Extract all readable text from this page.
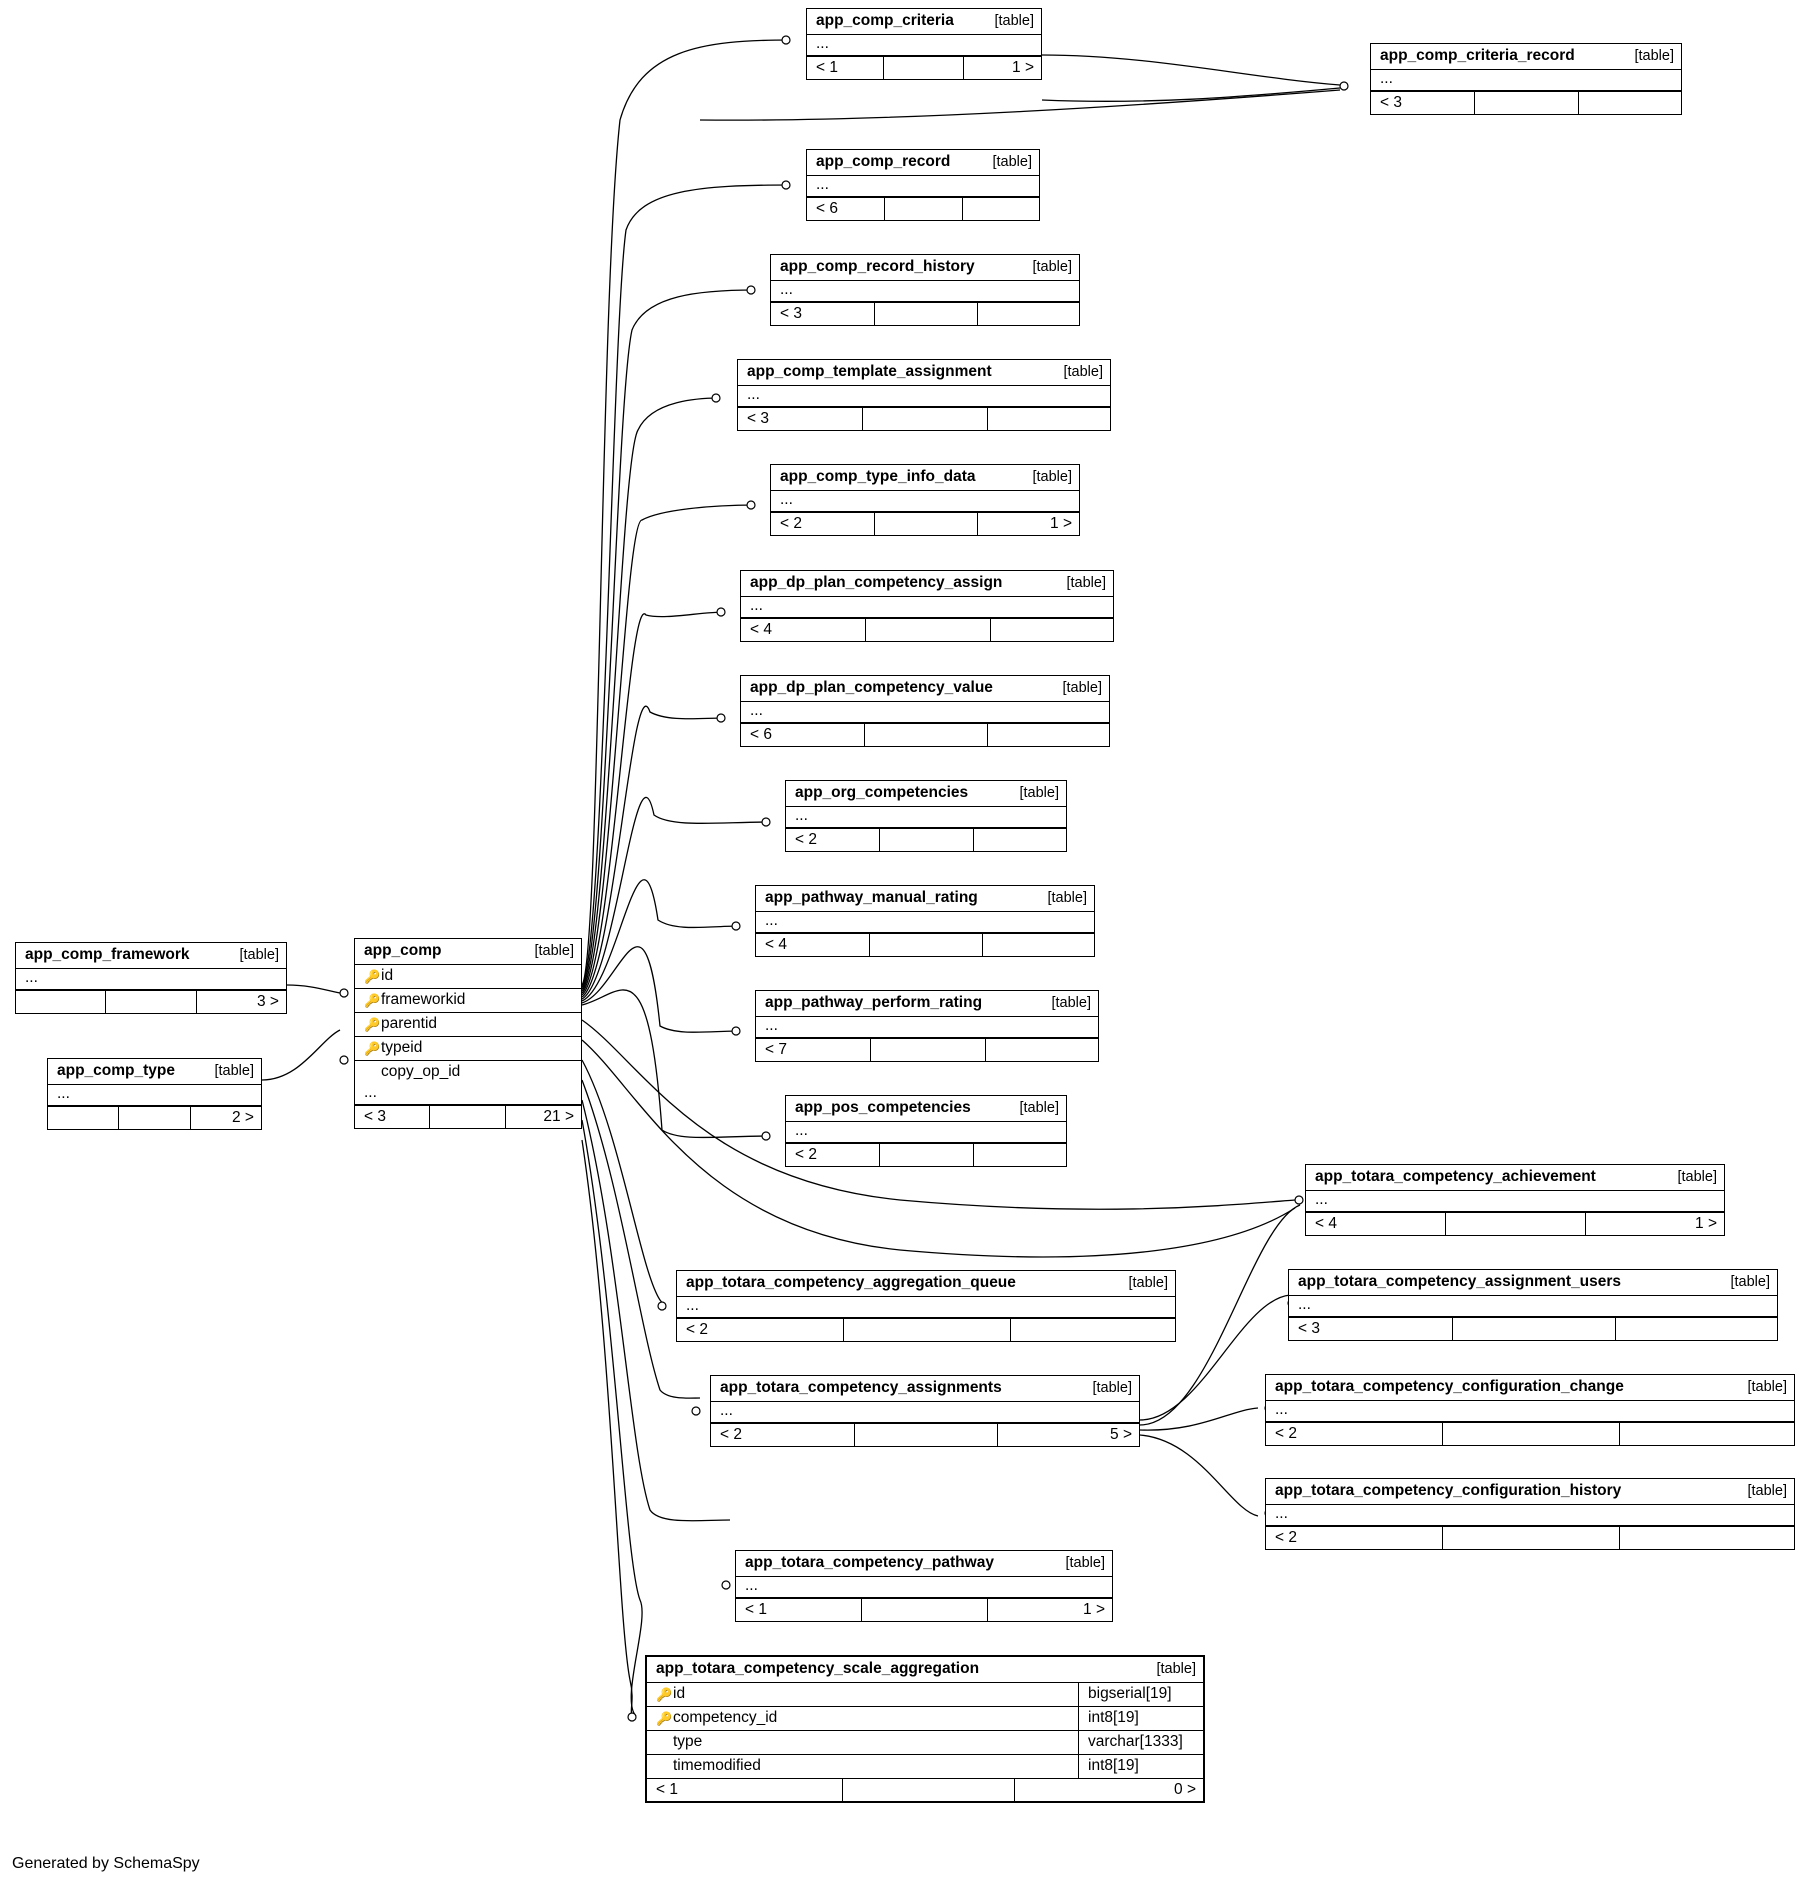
app_comp_framework	[table]
...
3 >
app_comp_type	[table]
...
2 >
app_comp	[table]
🔑 id
🔑 frameworkid
🔑 parentid
🔑 typeid
copy_op_id
...
< 3	21 >
app_comp_criteria	[table]
...
< 1	1 >
app_comp_criteria_record	[table]
...
< 3
app_comp_record	[table]
...
< 6
app_comp_record_history	[table]
...
< 3
app_comp_template_assignment	[table]
...
< 3
app_comp_type_info_data	[table]
...
< 2	1 >
app_dp_plan_competency_assign	[table]
...
< 4
app_dp_plan_competency_value	[table]
...
< 6
app_org_competencies	[table]
...
< 2
app_pathway_manual_rating	[table]
...
< 4
app_pathway_perform_rating	[table]
...
< 7
app_pos_competencies	[table]
...
< 2
app_totara_competency_achievement	[table]
...
< 4	1 >
app_totara_competency_aggregation_queue	[table]
...
< 2
app_totara_competency_assignment_users	[table]
...
< 3
app_totara_competency_assignments	[table]
...
< 2	5 >
app_totara_competency_configuration_change	[table]
...
< 2
app_totara_competency_configuration_history	[table]
...
< 2
app_totara_competency_pathway	[table]
...
< 1	1 >
app_totara_competency_scale_aggregation	[table]
🔑 id	bigserial[19]
🔑 competency_id	int8[19]
type	varchar[1333]
timemodified	int8[19]
< 1	0 >
Generated by SchemaSpy
